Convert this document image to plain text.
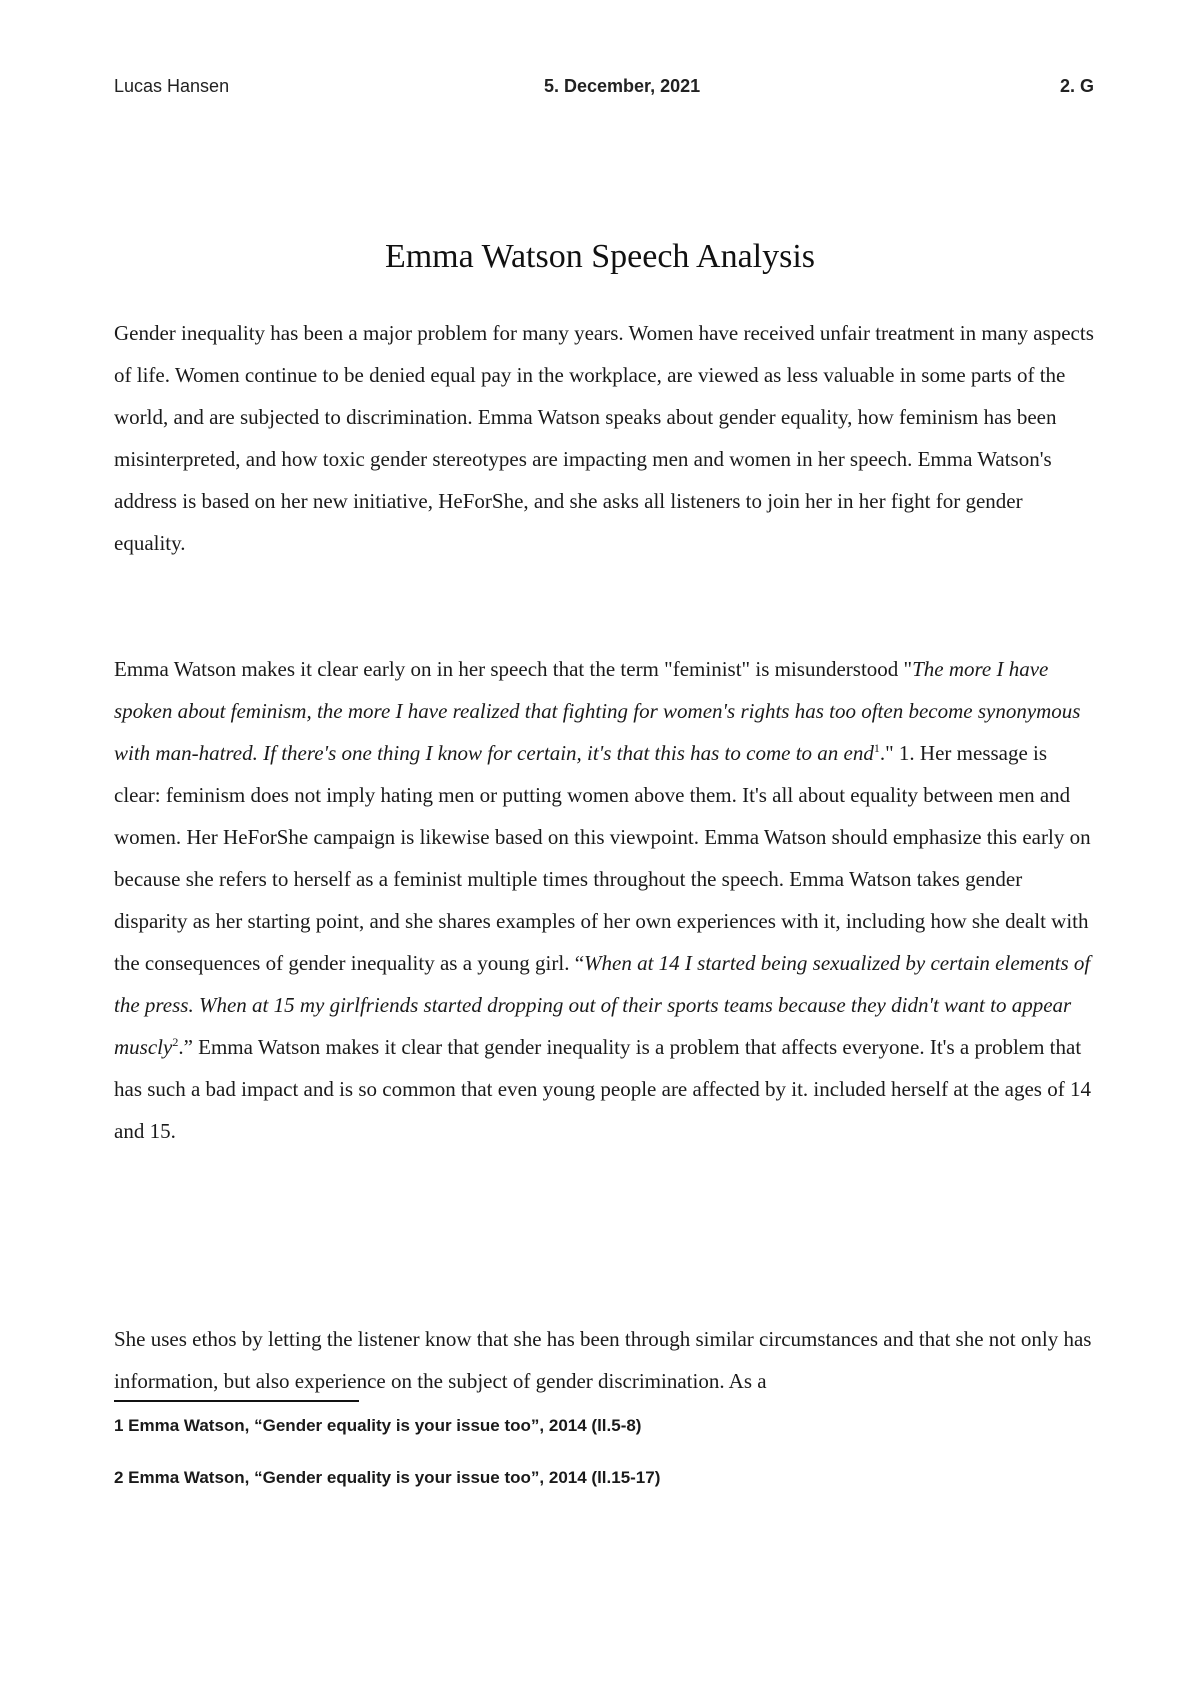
Lucas Hansen	5. December, 2021	2. G
Emma Watson Speech Analysis

Gender inequality has been a major problem for many years. Women have received unfair treatment in many aspects of life. Women continue to be denied equal pay in the workplace, are viewed as less valuable in some parts of the world, and are subjected to discrimination. Emma Watson speaks about gender equality, how feminism has been misinterpreted, and how toxic gender stereotypes are impacting men and women in her speech. Emma Watson's address is based on her new initiative, HeForShe, and she asks all listeners to join her in her fight for gender equality.

Emma Watson makes it clear early on in her speech that the term "feminist" is misunderstood "The more I have spoken about feminism, the more I have realized that fighting for women's rights has too often become synonymous with man-hatred. If there's one thing I know for certain, it's that this has to come to an end$^1$." 1. Her message is clear: feminism does not imply hating men or putting women above them. It's all about equality between men and women. Her HeForShe campaign is likewise based on this viewpoint. Emma Watson should emphasize this early on because she refers to herself as a feminist multiple times throughout the speech. Emma Watson takes gender disparity as her starting point, and she shares examples of her own experiences with it, including how she dealt with the consequences of gender inequality as a young girl. “When at 14 I started being sexualized by certain elements of the press. When at 15 my girlfriends started dropping out of their sports teams because they didn't want to appear muscly$^2$.” Emma Watson makes it clear that gender inequality is a problem that affects everyone. It's a problem that has such a bad impact and is so common that even young people are affected by it. included herself at the ages of 14 and 15.

She uses ethos by letting the listener know that she has been through similar circumstances and that she not only has information, but also experience on the subject of gender discrimination. As a

1 Emma Watson, “Gender equality is your issue too”, 2014 (ll.5-8)

2 Emma Watson, “Gender equality is your issue too”, 2014 (ll.15-17)
